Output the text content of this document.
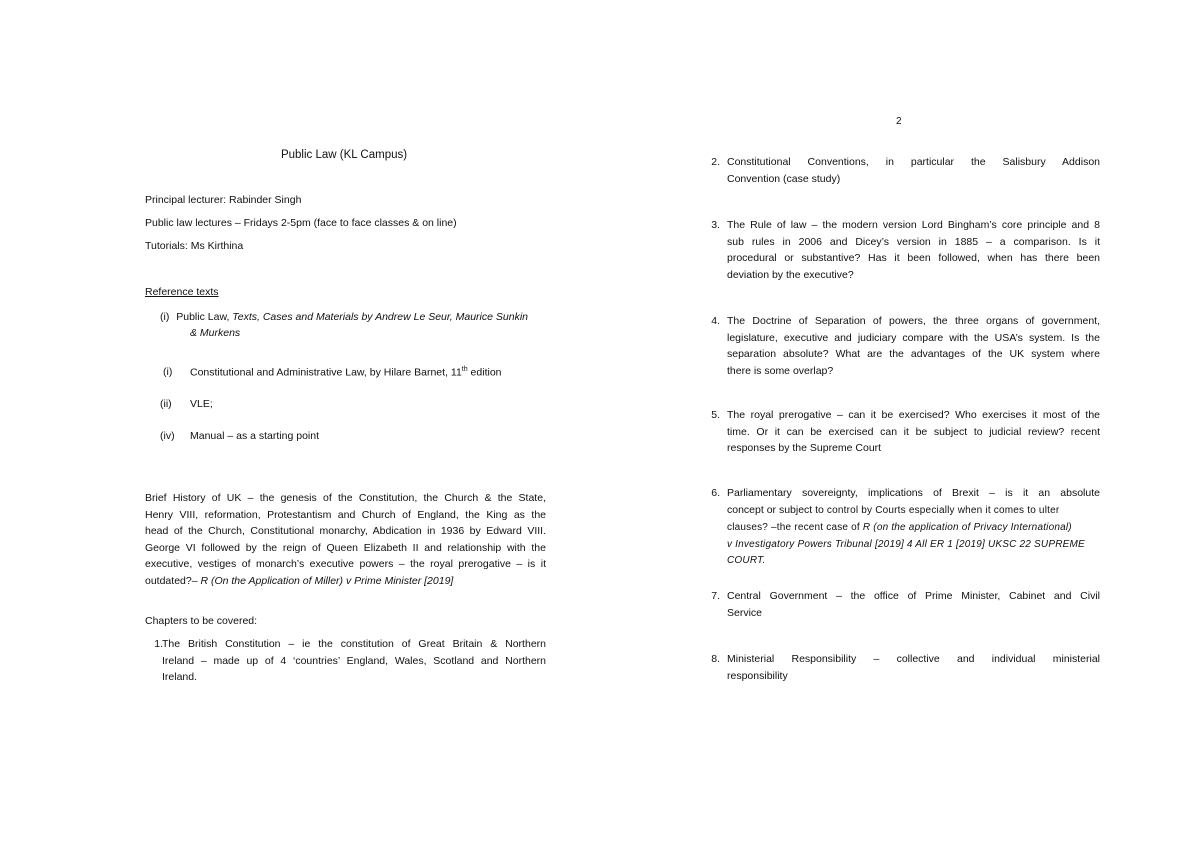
Public Law (KL Campus)
Principal lecturer: Rabinder Singh
Public law lectures – Fridays 2-5pm (face to face classes & on line)
Tutorials: Ms Kirthina
Reference texts
(i) Public Law, Texts, Cases and Materials by Andrew Le Seur, Maurice Sunkin
& Murkens
(i) Constitutional and Administrative Law, by Hilare Barnet, 11th edition
(ii) VLE;
(iv) Manual – as a starting point
Brief History of UK – the genesis of the Constitution, the Church & the State,
Henry VIII, reformation, Protestantism and Church of England, the King as the
head of the Church, Constitutional monarchy, Abdication in 1936 by Edward VIII.
George VI followed by the reign of Queen Elizabeth II and relationship with the
executive, vestiges of monarch’s executive powers – the royal prerogative – is it
outdated?– R (On the Application of Miller) v Prime Minister [2019]
Chapters to be covered:
1. The British Constitution – ie the constitution of Great Britain & Northern
Ireland – made up of 4 ‘countries’ England, Wales, Scotland and Northern
Ireland.
2
2. Constitutional Conventions, in particular the Salisbury Addison
Convention (case study)
3. The Rule of law – the modern version Lord Bingham’s core principle and 8
sub rules in 2006 and Dicey’s version in 1885 – a comparison. Is it
procedural or substantive? Has it been followed, when has there been
deviation by the executive?
4. The Doctrine of Separation of powers, the three organs of government,
legislature, executive and judiciary compare with the USA’s system. Is the
separation absolute? What are the advantages of the UK system where
there is some overlap?
5. The royal prerogative – can it be exercised? Who exercises it most of the
time. Or it can be exercised can it be subject to judicial review? recent
responses by the Supreme Court
6. Parliamentary sovereignty, implications of Brexit – is it an absolute
concept or subject to control by Courts especially when it comes to ulter
clauses? –the recent case of R (on the application of Privacy International)
v Investigatory Powers Tribunal [2019] 4 All ER 1 [2019] UKSC 22 SUPREME
COURT.
7. Central Government – the office of Prime Minister, Cabinet and Civil
Service
8. Ministerial Responsibility – collective and individual ministerial
responsibility
